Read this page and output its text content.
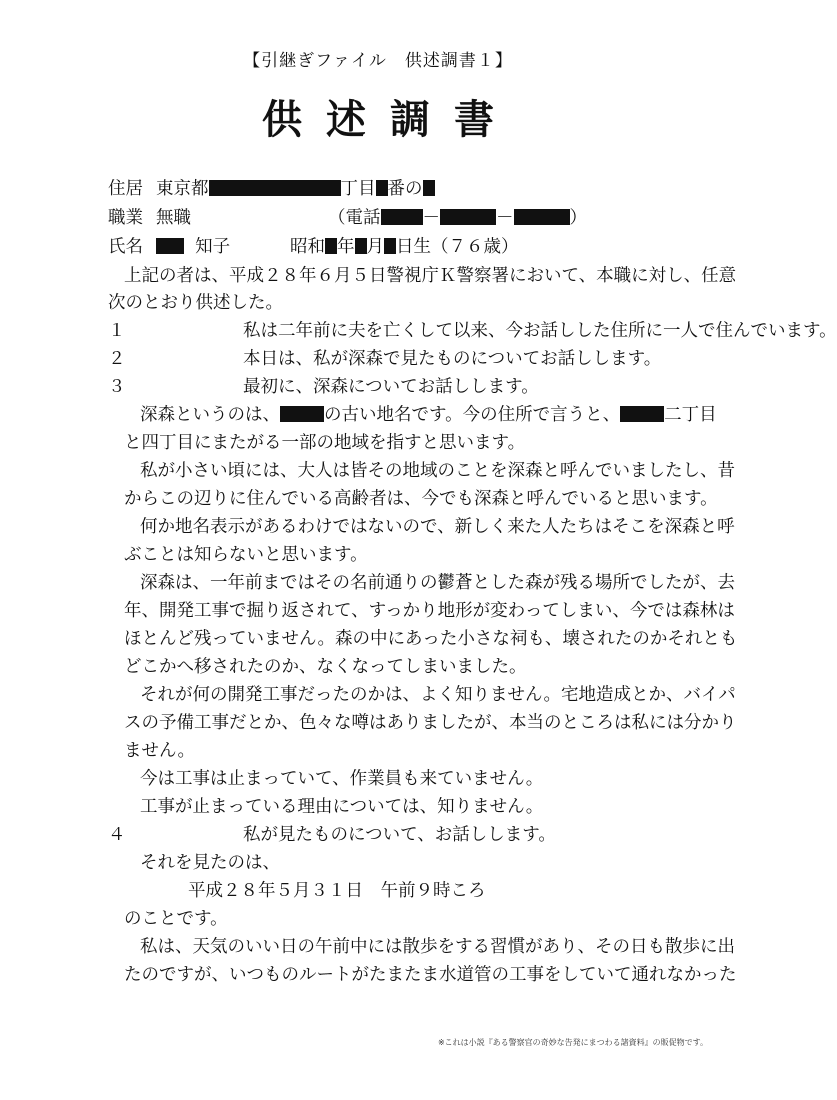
【引継ぎファイル　供述調書１】
供述調書
住居 東京都	丁目 番の
職業 無職	（電話 －	－	）
氏名	知子	昭和 年 月 日生（７６歳）
上記の者は、平成２８年６月５日警視庁Ｋ警察署において、本職に対し、任意
次のとおり供述した。
１	私は二年前に夫を亡くして以来、今お話しした住所に一人で住んでいます。
２	本日は、私が深森で見たものについてお話しします。
３	最初に、深森についてお話しします。
深森というのは、	の古い地名です。今の住所で言うと、	二丁目
と四丁目にまたがる一部の地域を指すと思います。
私が小さい頃には、大人は皆その地域のことを深森と呼んでいましたし、昔
からこの辺りに住んでいる高齢者は、今でも深森と呼んでいると思います。
何か地名表示があるわけではないので、新しく来た人たちはそこを深森と呼
ぶことは知らないと思います。
深森は、一年前まではその名前通りの鬱蒼とした森が残る場所でしたが、去
年、開発工事で掘り返されて、すっかり地形が変わってしまい、今では森林は
ほとんど残っていません。森の中にあった小さな祠も、壊されたのかそれとも
どこかへ移されたのか、なくなってしまいました。
それが何の開発工事だったのかは、よく知りません。宅地造成とか、バイパ
スの予備工事だとか、色々な噂はありましたが、本当のところは私には分かり
ません。
今は工事は止まっていて、作業員も来ていません。
工事が止まっている理由については、知りません。
４	私が見たものについて、お話しします。
それを見たのは、
平成２８年５月３１日　午前９時ころ
のことです。
私は、天気のいい日の午前中には散歩をする習慣があり、その日も散歩に出
たのですが、いつものルートがたまたま水道管の工事をしていて通れなかった
※これは小説『ある警察官の奇妙な告発にまつわる諸資料』の販促物です。
